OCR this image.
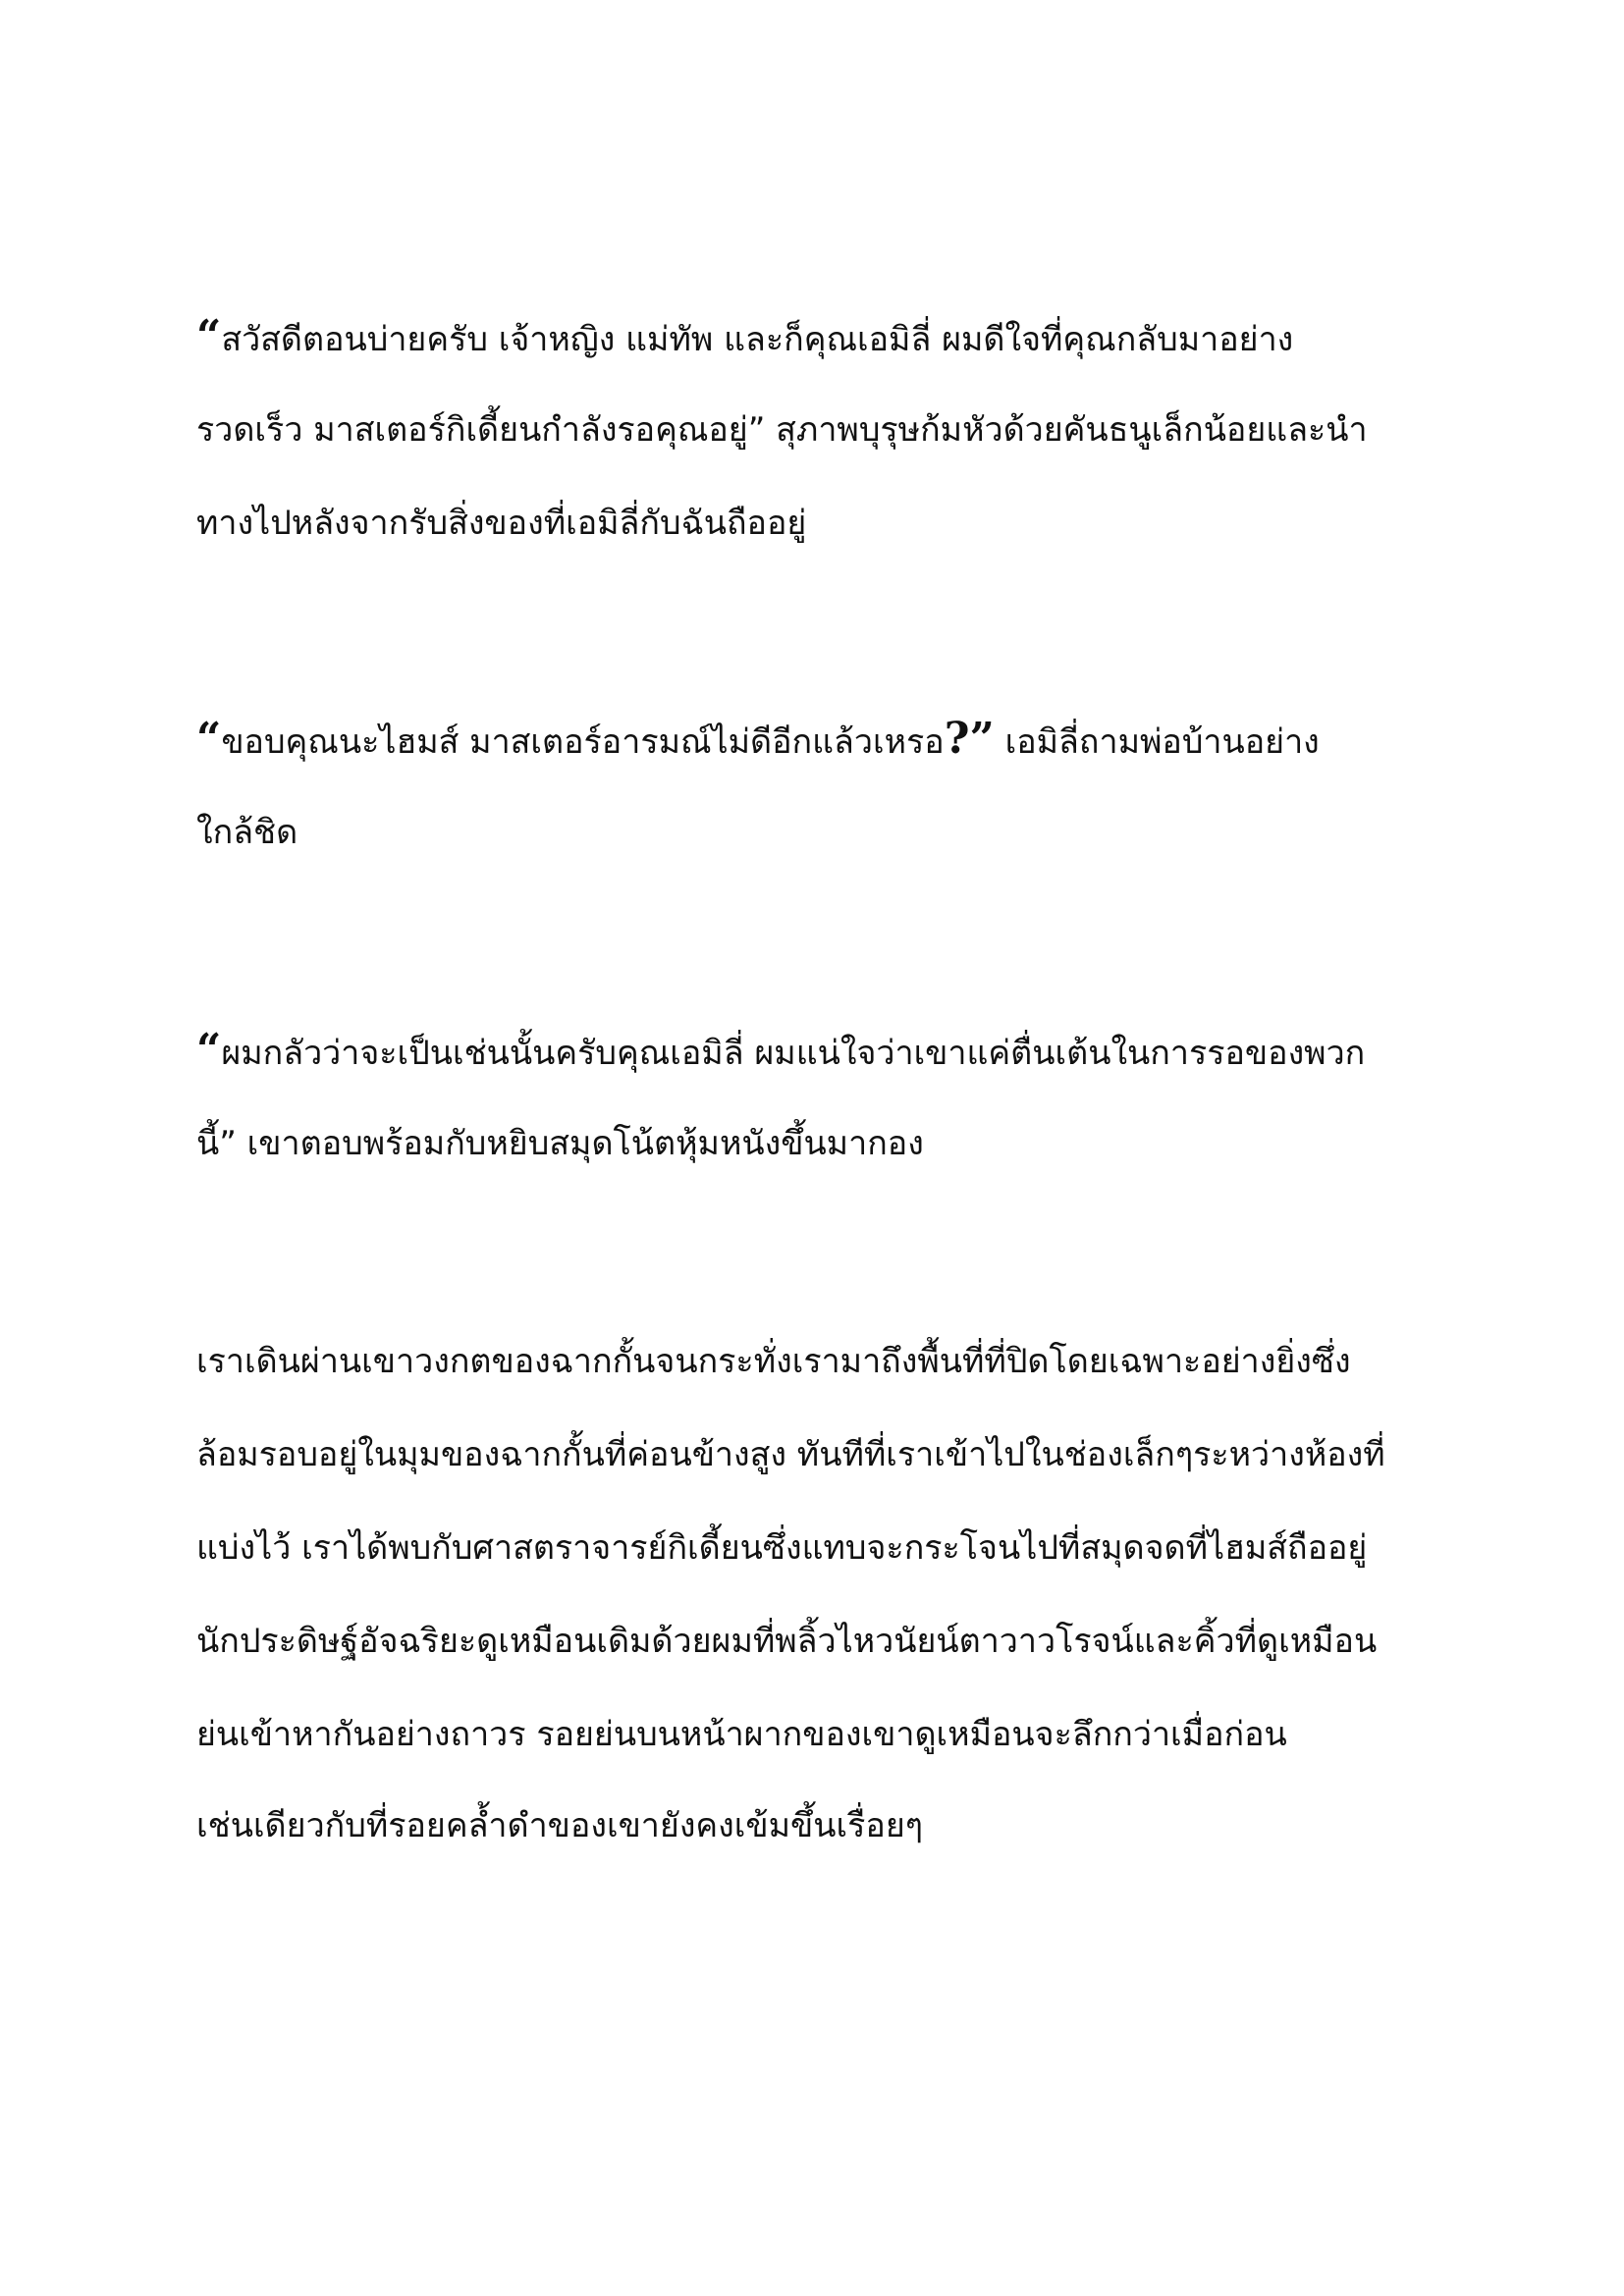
“สวัสดีตอนบ่ายครับ เจ้าหญิง แม่ทัพ และก็คุณเอมิลี่ ผมดีใจที่คุณกลับมาอย่าง

รวดเร็ว มาสเตอร์กิเดี้ยนกำลังรอคุณอยู่” สุภาพบุรุษก้มหัวด้วยคันธนูเล็กน้อยและนำ

ทางไปหลังจากรับสิ่งของที่เอมิลี่กับฉันถืออยู่

“ขอบคุณนะไฮมส์ มาสเตอร์อารมณ์ไม่ดีอีกแล้วเหรอ?” เอมิลี่ถามพ่อบ้านอย่าง

ใกล้ชิด

“ผมกลัวว่าจะเป็นเช่นนั้นครับคุณเอมิลี่ ผมแน่ใจว่าเขาแค่ตื่นเต้นในการรอของพวก

นี้” เขาตอบพร้อมกับหยิบสมุดโน้ตหุ้มหนังขึ้นมากอง

เราเดินผ่านเขาวงกตของฉากกั้นจนกระทั่งเรามาถึงพื้นที่ที่ปิดโดยเฉพาะอย่างยิ่งซึ่ง

ล้อมรอบอยู่ในมุมของฉากกั้นที่ค่อนข้างสูง ทันทีที่เราเข้าไปในช่องเล็กๆระหว่างห้องที่

แบ่งไว้ เราได้พบกับศาสตราจารย์กิเดี้ยนซึ่งแทบจะกระโจนไปที่สมุดจดที่ไฮมส์ถืออยู่

นักประดิษฐ์อัจฉริยะดูเหมือนเดิมด้วยผมที่พลิ้วไหวนัยน์ตาวาวโรจน์และคิ้วที่ดูเหมือน

ย่นเข้าหากันอย่างถาวร รอยย่นบนหน้าผากของเขาดูเหมือนจะลึกกว่าเมื่อก่อน

เช่นเดียวกับที่รอยคล้ำดำของเขายังคงเข้มขึ้นเรื่อยๆ
